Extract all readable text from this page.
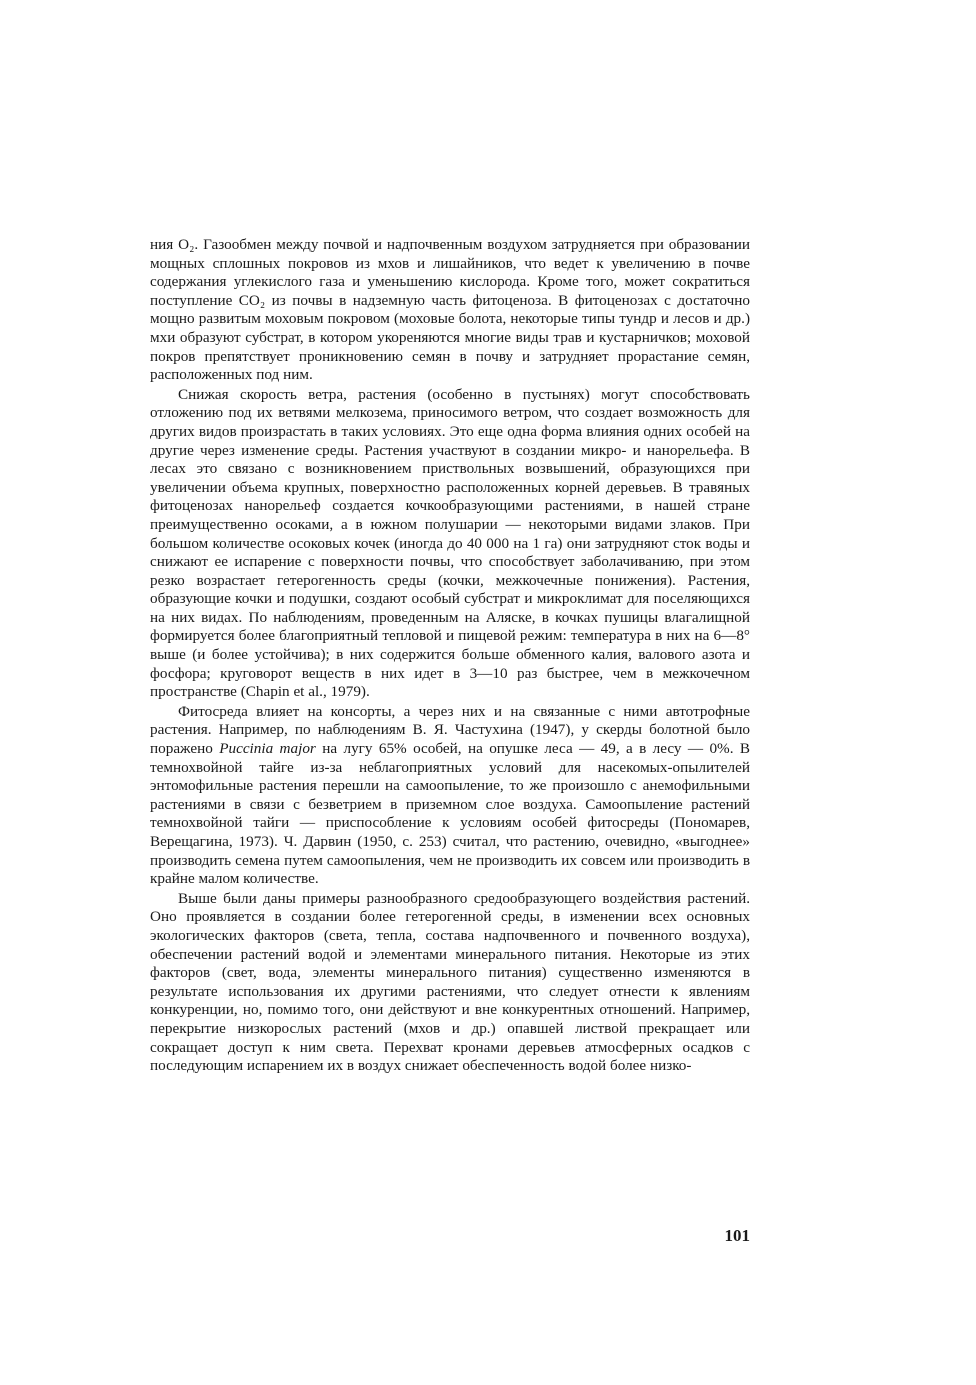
ния O₂. Газообмен между почвой и надпочвенным воздухом затрудняется при образовании мощных сплошных покровов из мхов и лишайников, что ведет к увеличению в почве содержания углекислого газа и уменьшению кислорода. Кроме того, может сократиться поступление CO₂ из почвы в надземную часть фитоценоза. В фитоценозах с достаточно мощно развитым моховым покровом (моховые болота, некоторые типы тундр и лесов и др.) мхи образуют субстрат, в котором укореняются многие виды трав и кустарничков; моховой покров препятствует проникновению семян в почву и затрудняет прорастание семян, расположенных под ним.

Снижая скорость ветра, растения (особенно в пустынях) могут способствовать отложению под их ветвями мелкозема, приносимого ветром, что создает возможность для других видов произрастать в таких условиях. Это еще одна форма влияния одних особей на другие через изменение среды. Растения участвуют в создании микро- и нанорельефа. В лесах это связано с возникновением приствольных возвышений, образующихся при увеличении объема крупных, поверхностно расположенных корней деревьев. В травяных фитоценозах нанорельеф создается кочкообразующими растениями, в нашей стране преимущественно осоками, а в южном полушарии — некоторыми видами злаков. При большом количестве осоковых кочек (иногда до 40 000 на 1 га) они затрудняют сток воды и снижают ее испарение с поверхности почвы, что способствует заболачиванию, при этом резко возрастает гетерогенность среды (кочки, межкочечные понижения). Растения, образующие кочки и подушки, создают особый субстрат и микроклимат для поселяющихся на них видах. По наблюдениям, проведенным на Аляске, в кочках пушицы влагалищной формируется более благоприятный тепловой и пищевой режим: температура в них на 6—8° выше (и более устойчива); в них содержится больше обменного калия, валового азота и фосфора; круговорот веществ в них идет в 3—10 раз быстрее, чем в межкочечном пространстве (Chapin et al., 1979).

Фитосреда влияет на консорты, а через них и на связанные с ними автотрофные растения. Например, по наблюдениям В. Я. Частухина (1947), у скерды болотной было поражено Puccinia major на лугу 65% особей, на опушке леса — 49, а в лесу — 0%. В темнохвойной тайге из-за неблагоприятных условий для насекомых-опылителей энтомофильные растения перешли на самоопыление, то же произошло с анемофильными растениями в связи с безветрием в приземном слое воздуха. Самоопыление растений темнохвойной тайги — приспособление к условиям особей фитосреды (Пономарев, Верещагина, 1973). Ч. Дарвин (1950, с. 253) считал, что растению, очевидно, «выгоднее» производить семена путем самоопыления, чем не производить их совсем или производить в крайне малом количестве.

Выше были даны примеры разнообразного средообразующего воздействия растений. Оно проявляется в создании более гетерогенной среды, в изменении всех основных экологических факторов (света, тепла, состава надпочвенного и почвенного воздуха), обеспечении растений водой и элементами минерального питания. Некоторые из этих факторов (свет, вода, элементы минерального питания) существенно изменяются в результате использования их другими растениями, что следует отнести к явлениям конкуренции, но, помимо того, они действуют и вне конкурентных отношений. Например, перекрытие низкорослых растений (мхов и др.) опавшей листвой прекращает или сокращает доступ к ним света. Перехват кронами деревьев атмосферных осадков с последующим испарением их в воздух снижает обеспеченность водой более низко-

101
